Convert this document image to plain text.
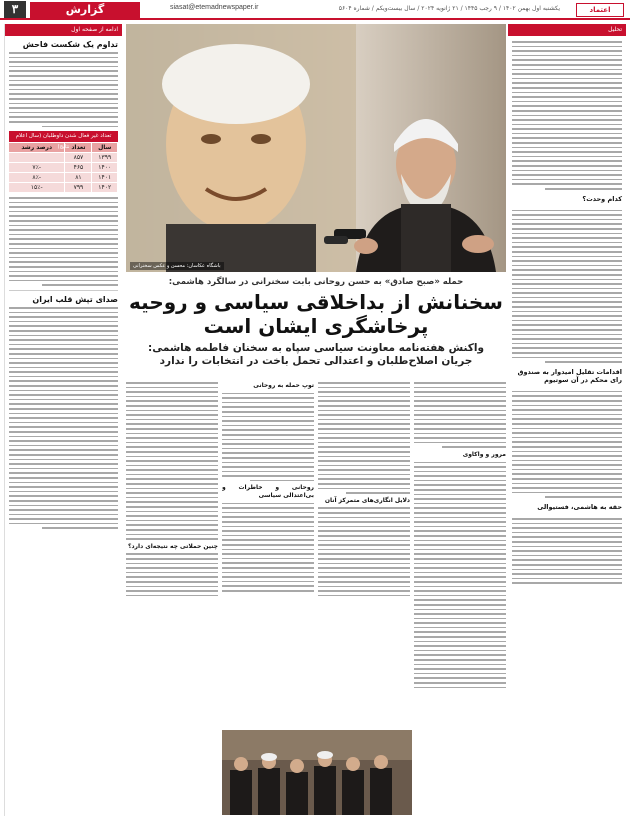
۳	گزارش	siasat@etemadnewspaper.ir	یکشنبه اول بهمن ۱۴۰۲ / ۹ رجب ۱۴۴۵ / ۲۱ ژانویه ۲۰۲۴ / سال بیست‌ویکم / شماره ۵۶۰۴	اعتماد
ادامه از صفحه اول
تداوم یک شکست فاحش
تعداد غیر فعال شدن داوطلبان (سال اعلام نتایج)	سال	تعداد	درصد رشد
۱۳۹۹	۸۵۷	
۱۴۰۰	۴۶۵	-۷٪
۱۴۰۱	۸۱	-۸٪
۱۴۰۲	۷۹۹	-۱۵٪
صدای تپش قلب ایران
باشگاه عکاسان: محسن و عکس سخنرانی
حمله «صبح صادق» به حسن روحانی بابت سخنرانی در سالگرد هاشمی:
سخنانش از بداخلاقی سیاسی و روحیه پرخاشگری ایشان است
واکنش هفته‌نامه معاونت سیاسی سپاه به سخنان فاطمه هاشمی:
جریان اصلاح‌طلبان و اعتدالی تحمل باخت در انتخابات را ندارد
مرور و واکاوی
دلایل انگاری‌های متمرکز آنان
توپ حمله به روحانی
روحانی و خاطرات و بی‌اعتدالی سیاسی
چنین حملاتی چه نتیجه‌ای دارد؟
تحلیل
کدام وحدت؟
اقدامات تقلیل امیدوار به صندوق رای محکم در آن سوتیوم
حقه به هاشمی، فستیوالی
